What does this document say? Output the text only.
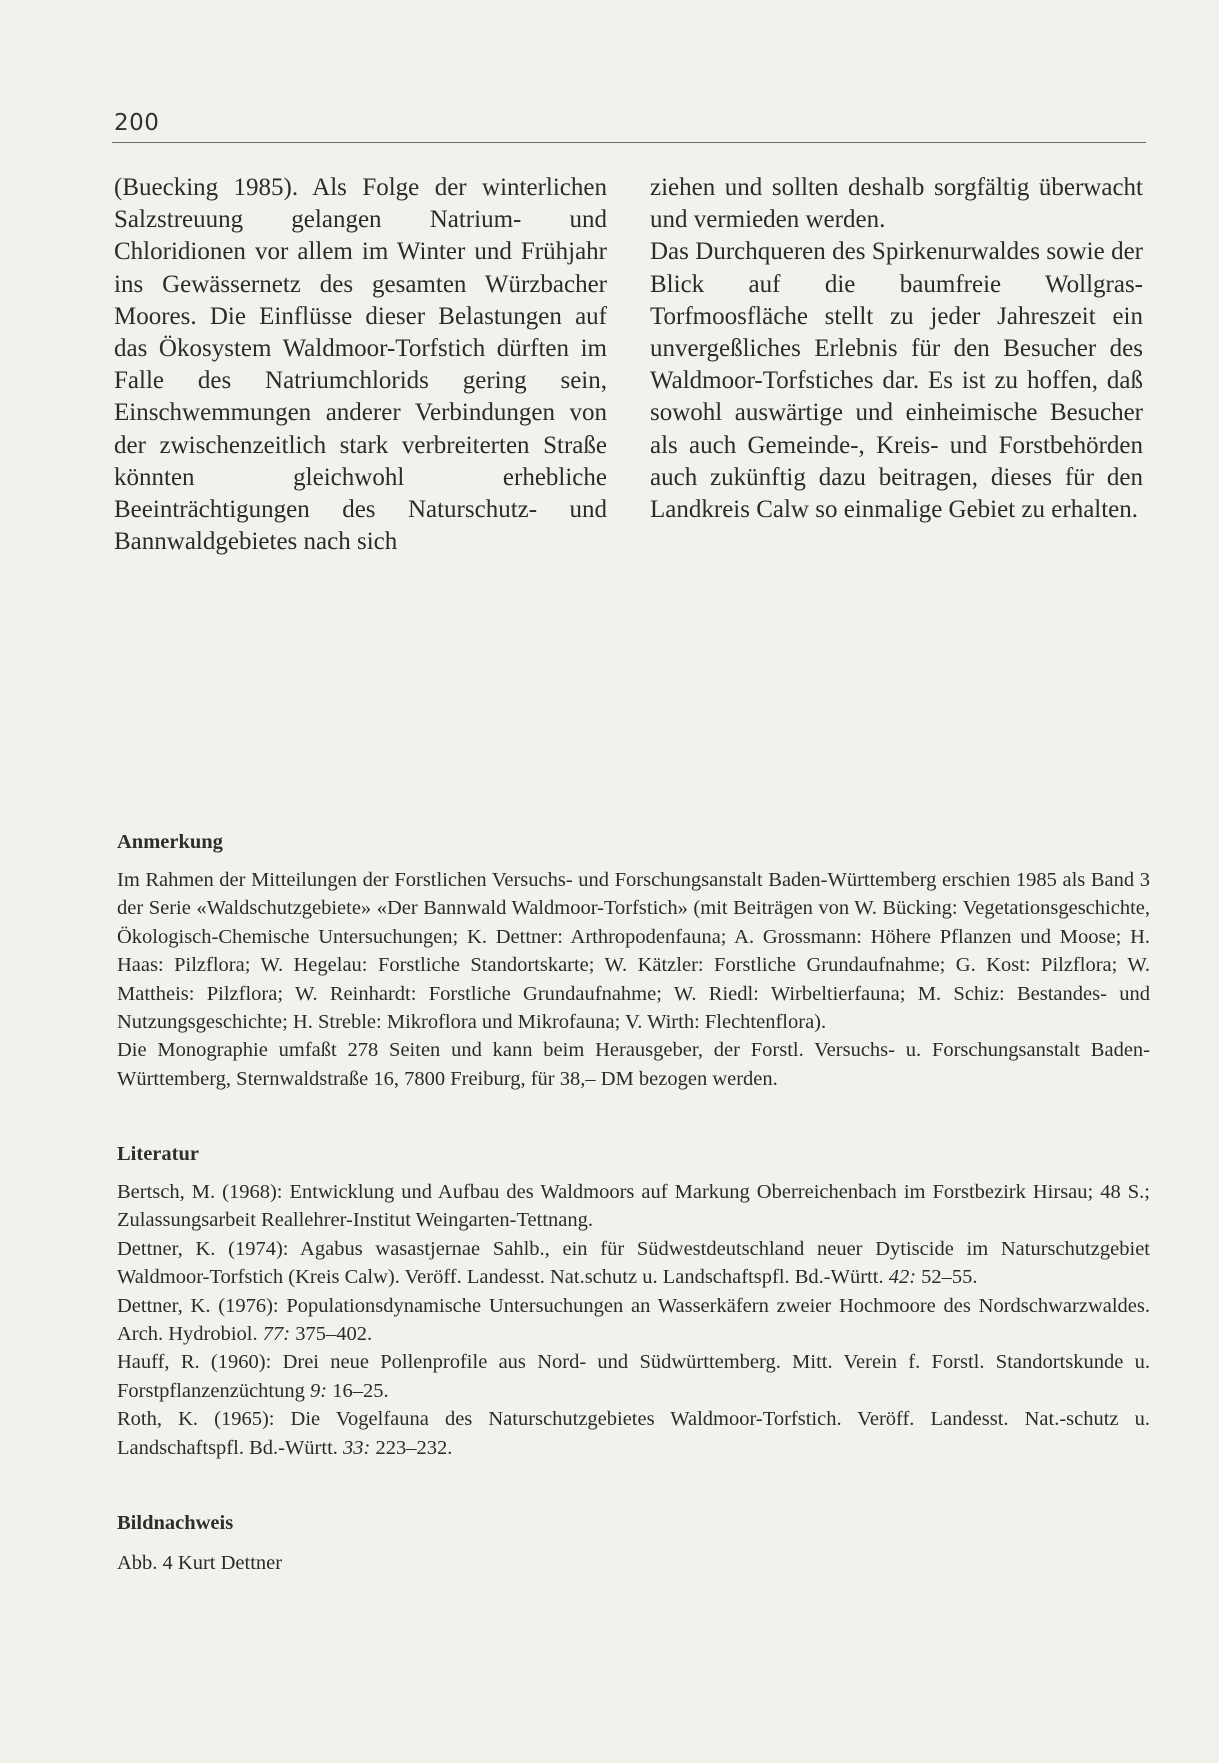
200

(Buecking 1985). Als Folge der winterlichen Salzstreuung gelangen Natrium- und Chloridionen vor allem im Winter und Frühjahr ins Gewässernetz des gesamten Würzbacher Moores. Die Einflüsse dieser Belastungen auf das Ökosystem Waldmoor-Torfstich dürften im Falle des Natriumchlorids gering sein, Einschwemmungen anderer Verbindungen von der zwischenzeitlich stark verbreiterten Straße könnten gleichwohl erhebliche Beeinträchtigungen des Naturschutz- und Bannwaldgebietes nach sich

ziehen und sollten deshalb sorgfältig überwacht und vermieden werden.

Das Durchqueren des Spirkenurwaldes sowie der Blick auf die baumfreie Wollgras-Torfmoosfläche stellt zu jeder Jahreszeit ein unvergeßliches Erlebnis für den Besucher des Waldmoor-Torfstiches dar. Es ist zu hoffen, daß sowohl auswärtige und einheimische Besucher als auch Gemeinde-, Kreis- und Forstbehörden auch zukünftig dazu beitragen, dieses für den Landkreis Calw so einmalige Gebiet zu erhalten.

Anmerkung

Im Rahmen der Mitteilungen der Forstlichen Versuchs- und Forschungsanstalt Baden-Württemberg erschien 1985 als Band 3 der Serie «Waldschutzgebiete» «Der Bannwald Waldmoor-Torfstich» (mit Beiträgen von W. Bücking: Vegetationsgeschichte, Ökologisch-Chemische Untersuchungen; K. Dettner: Arthropodenfauna; A. Grossmann: Höhere Pflanzen und Moose; H. Haas: Pilzflora; W. Hegelau: Forstliche Standortskarte; W. Kätzler: Forstliche Grundaufnahme; G. Kost: Pilzflora; W. Mattheis: Pilzflora; W. Reinhardt: Forstliche Grundaufnahme; W. Riedl: Wirbeltierfauna; M. Schiz: Bestandes- und Nutzungsgeschichte; H. Streble: Mikroflora und Mikrofauna; V. Wirth: Flechtenflora).

Die Monographie umfaßt 278 Seiten und kann beim Herausgeber, der Forstl. Versuchs- u. Forschungsanstalt Baden-Württemberg, Sternwaldstraße 16, 7800 Freiburg, für 38,– DM bezogen werden.

Literatur

Bertsch, M. (1968): Entwicklung und Aufbau des Waldmoors auf Markung Oberreichenbach im Forstbezirk Hirsau; 48 S.; Zulassungsarbeit Reallehrer-Institut Weingarten-Tettnang.

Dettner, K. (1974): Agabus wasastjernae Sahlb., ein für Südwestdeutschland neuer Dytiscide im Naturschutzgebiet Waldmoor-Torfstich (Kreis Calw). Veröff. Landesst. Nat.schutz u. Landschaftspfl. Bd.-Württ. 42: 52–55.

Dettner, K. (1976): Populationsdynamische Untersuchungen an Wasserkäfern zweier Hochmoore des Nordschwarzwaldes. Arch. Hydrobiol. 77: 375–402.

Hauff, R. (1960): Drei neue Pollenprofile aus Nord- und Südwürttemberg. Mitt. Verein f. Forstl. Standortskunde u. Forstpflanzenzüchtung 9: 16–25.

Roth, K. (1965): Die Vogelfauna des Naturschutzgebietes Waldmoor-Torfstich. Veröff. Landesst. Nat.-schutz u. Landschaftspfl. Bd.-Württ. 33: 223–232.

Bildnachweis
Abb. 4 Kurt Dettner
